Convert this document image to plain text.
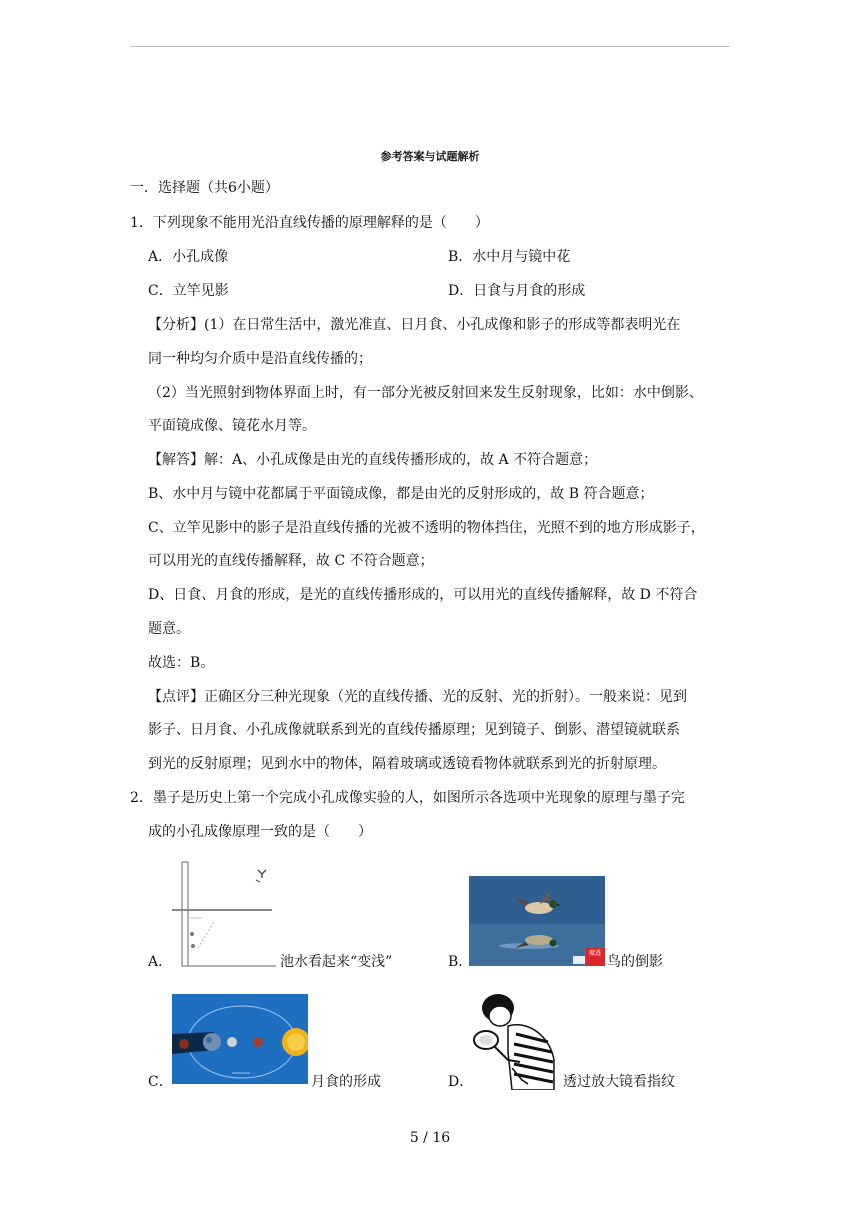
参考答案与试题解析
一．选择题（共6小题）
1．下列现象不能用光沿直线传播的原理解释的是（　　）
A．小孔成像	B．水中月与镜中花
C．立竿见影	D．日食与月食的形成
【分析】(1）在日常生活中，激光准直、日月食、小孔成像和影子的形成等都表明光在
同一种均匀介质中是沿直线传播的；
（2）当光照射到物体界面上时，有一部分光被反射回来发生反射现象，比如：水中倒影、
平面镜成像、镜花水月等。
【解答】解：A、小孔成像是由光的直线传播形成的，故 A 不符合题意；
B、水中月与镜中花都属于平面镜成像，都是由光的反射形成的，故 B 符合题意；
C、立竿见影中的影子是沿直线传播的光被不透明的物体挡住，光照不到的地方形成影子，
可以用光的直线传播解释，故 C 不符合题意；
D、日食、月食的形成，是光的直线传播形成的，可以用光的直线传播解释，故 D 不符合
题意。
故选：B。
【点评】正确区分三种光现象（光的直线传播、光的反射、光的折射）。一般来说：见到
影子、日月食、小孔成像就联系到光的直线传播原理；见到镜子、倒影、潜望镜就联系
到光的反射原理；见到水中的物体，隔着玻璃或透镜看物体就联系到光的折射原理。
2．墨子是历史上第一个完成小孔成像实验的人，如图所示各选项中光现象的原理与墨子完
成的小孔成像原理一致的是（　　）
A．	池水看起来“变浅”
嗷透
B．	鸟的倒影
C．	月食的形成	D．	透过放大镜看指纹
5 / 16
